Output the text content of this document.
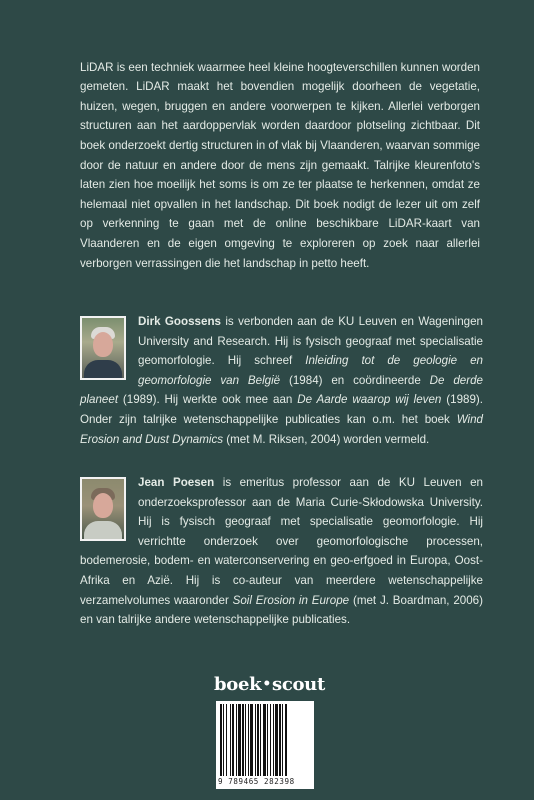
LiDAR is een techniek waarmee heel kleine hoogteverschillen kunnen worden gemeten. LiDAR maakt het bovendien mogelijk doorheen de vegetatie, huizen, wegen, bruggen en andere voorwerpen te kijken. Allerlei verborgen structuren aan het aardoppervlak worden daardoor plotseling zichtbaar. Dit boek onderzoekt dertig structuren in of vlak bij Vlaanderen, waarvan sommige door de natuur en andere door de mens zijn gemaakt. Talrijke kleurenfoto's laten zien hoe moeilijk het soms is om ze ter plaatse te herkennen, omdat ze helemaal niet opvallen in het landschap. Dit boek nodigt de lezer uit om zelf op verkenning te gaan met de online beschikbare LiDAR-kaart van Vlaanderen en de eigen omgeving te exploreren op zoek naar allerlei verborgen verrassingen die het landschap in petto heeft.

Dirk Goossens is verbonden aan de KU Leuven en Wageningen University and Research. Hij is fysisch geograaf met specialisatie geomorfologie. Hij schreef Inleiding tot de geologie en geomorfologie van België (1984) en coördineerde De derde planeet (1989). Hij werkte ook mee aan De Aarde waarop wij leven (1989). Onder zijn talrijke wetenschappelijke publicaties kan o.m. het boek Wind Erosion and Dust Dynamics (met M. Riksen, 2004) worden vermeld.
Jean Poesen is emeritus professor aan de KU Leuven en onderzoeksprofessor aan de Maria Curie-Skłodowska University. Hij is fysisch geograaf met specialisatie geomorfologie. Hij verrichtte onderzoek over geomorfologische processen, bodemerosie, bodem- en waterconservering en geo-erfgoed in Europa, Oost-Afrika en Azië. Hij is co-auteur van meerdere wetenschappelijke verzamelvolumes waaronder Soil Erosion in Europe (met J. Boardman, 2006) en van talrijke andere wetenschappelijke publicaties.
boek•scout
9 789465 282398
